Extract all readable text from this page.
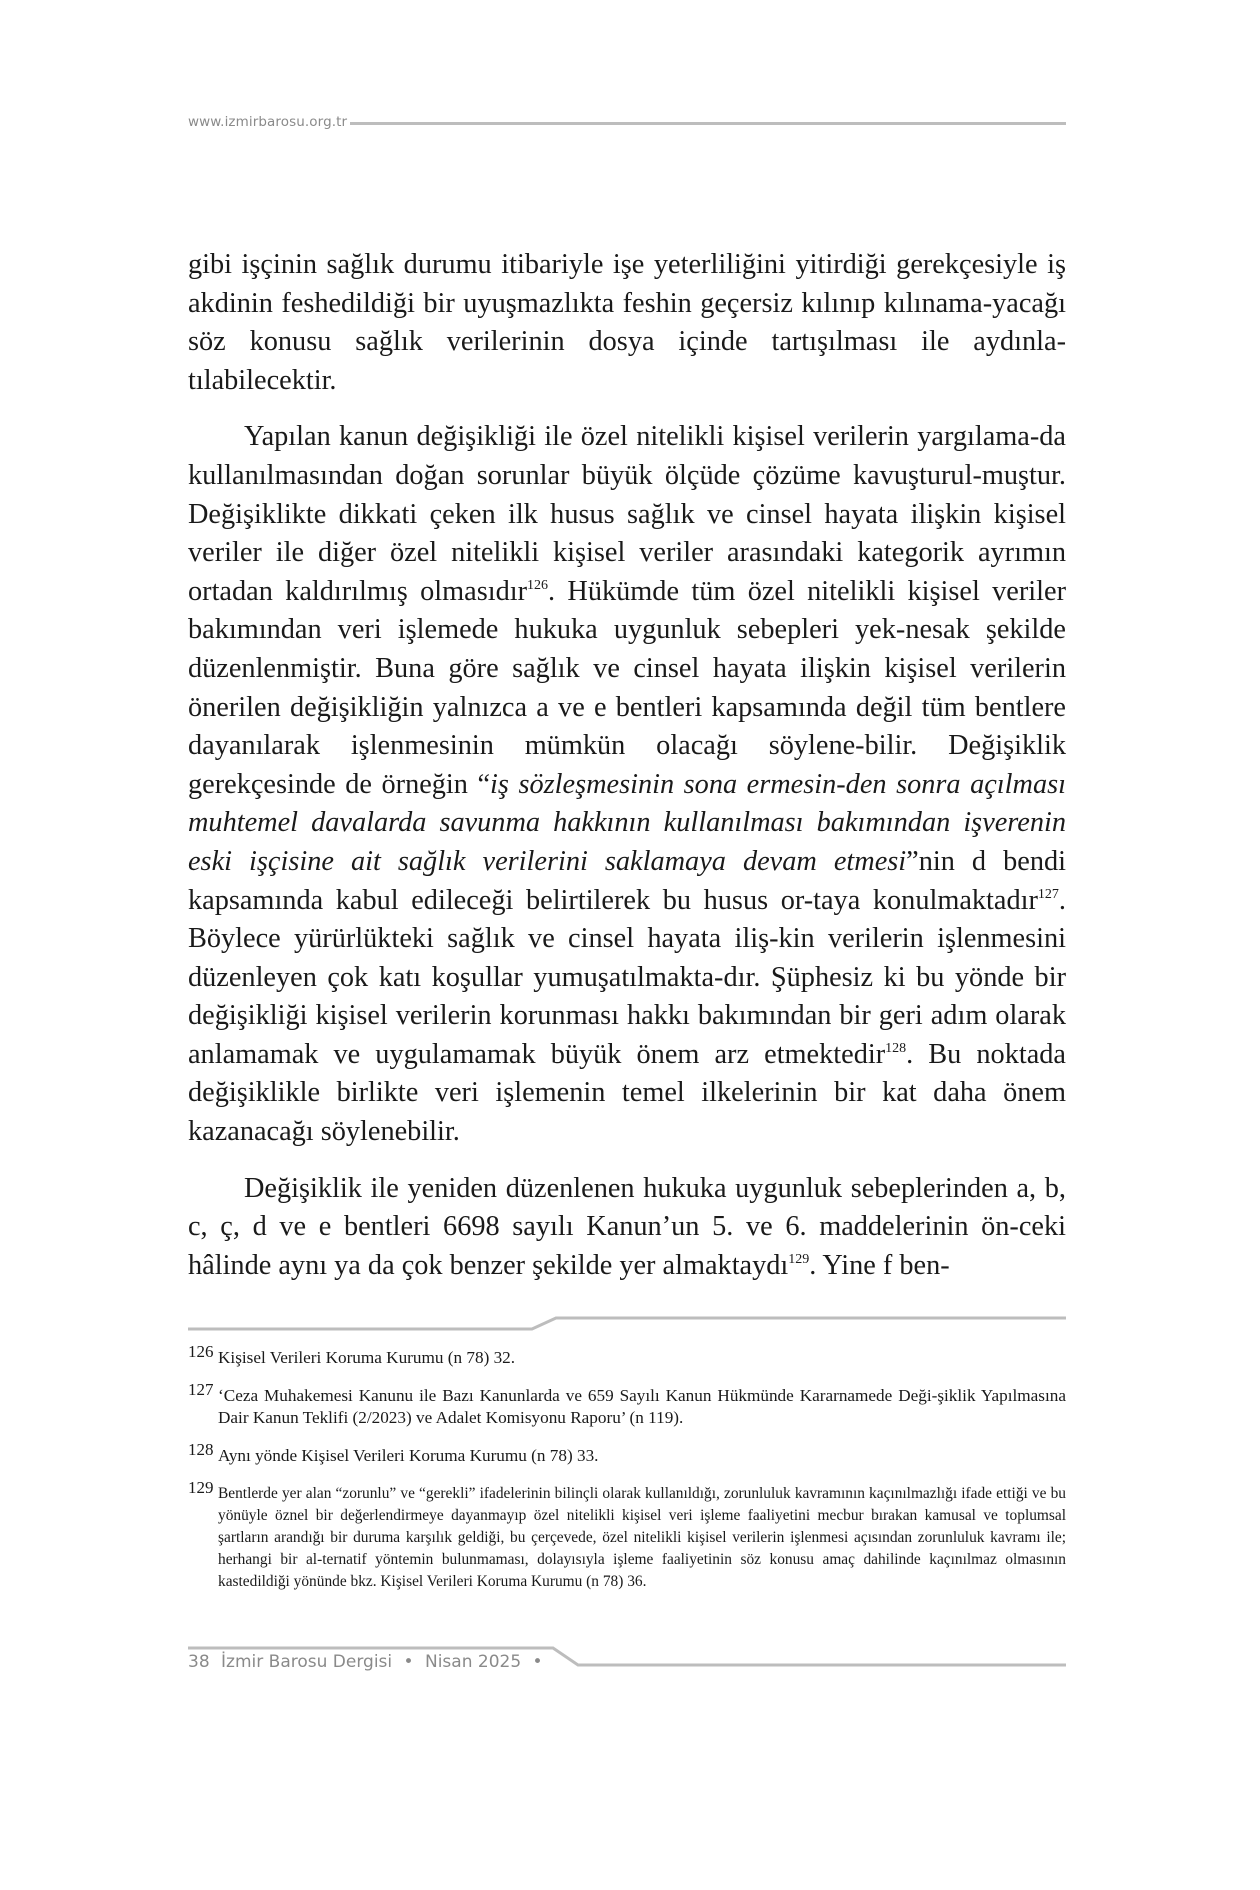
www.izmirbarosu.org.tr

gibi işçinin sağlık durumu itibariyle işe yeterliliğini yitirdiği gerekçesiyle iş akdinin feshedildiği bir uyuşmazlıkta feshin geçersiz kılınıp kılınama-yacağı söz konusu sağlık verilerinin dosya içinde tartışılması ile aydınla-tılabilecektir.

Yapılan kanun değişikliği ile özel nitelikli kişisel verilerin yargılama-da kullanılmasından doğan sorunlar büyük ölçüde çözüme kavuşturul-muştur. Değişiklikte dikkati çeken ilk husus sağlık ve cinsel hayata ilişkin kişisel veriler ile diğer özel nitelikli kişisel veriler arasındaki kategorik ayrımın ortadan kaldırılmış olmasıdır$^{126}$. Hükümde tüm özel nitelikli kişisel veriler bakımından veri işlemede hukuka uygunluk sebepleri yek-nesak şekilde düzenlenmiştir. Buna göre sağlık ve cinsel hayata ilişkin kişisel verilerin önerilen değişikliğin yalnızca a ve e bentleri kapsamında değil tüm bentlere dayanılarak işlenmesinin mümkün olacağı söylene-bilir. Değişiklik gerekçesinde de örneğin “iş sözleşmesinin sona ermesin-den sonra açılması muhtemel davalarda savunma hakkının kullanılması bakımından işverenin eski işçisine ait sağlık verilerini saklamaya devam etmesi”nin d bendi kapsamında kabul edileceği belirtilerek bu husus or-taya konulmaktadır$^{127}$. Böylece yürürlükteki sağlık ve cinsel hayata iliş-kin verilerin işlenmesini düzenleyen çok katı koşullar yumuşatılmakta-dır. Şüphesiz ki bu yönde bir değişikliği kişisel verilerin korunması hakkı bakımından bir geri adım olarak anlamamak ve uygulamamak büyük önem arz etmektedir$^{128}$. Bu noktada değişiklikle birlikte veri işlemenin temel ilkelerinin bir kat daha önem kazanacağı söylenebilir.

Değişiklik ile yeniden düzenlenen hukuka uygunluk sebeplerinden a, b, c, ç, d ve e bentleri 6698 sayılı Kanun’un 5. ve 6. maddelerinin ön-ceki hâlinde aynı ya da çok benzer şekilde yer almaktaydı$^{129}$. Yine f ben-

126 Kişisel Verileri Koruma Kurumu (n 78) 32.
127 ‘Ceza Muhakemesi Kanunu ile Bazı Kanunlarda ve 659 Sayılı Kanun Hükmünde Kararnamede Deği-şiklik Yapılmasına Dair Kanun Teklifi (2/2023) ve Adalet Komisyonu Raporu’ (n 119).
128 Aynı yönde Kişisel Verileri Koruma Kurumu (n 78) 33.
129 Bentlerde yer alan “zorunlu” ve “gerekli” ifadelerinin bilinçli olarak kullanıldığı, zorunluluk kavramının kaçınılmazlığı ifade ettiği ve bu yönüyle öznel bir değerlendirmeye dayanmayıp özel nitelikli kişisel veri işleme faaliyetini mecbur bırakan kamusal ve toplumsal şartların arandığı bir duruma karşılık geldiği, bu çerçevede, özel nitelikli kişisel verilerin işlenmesi açısından zorunluluk kavramı ile; herhangi bir al-ternatif yöntemin bulunmaması, dolayısıyla işleme faaliyetinin söz konusu amaç dahilinde kaçınılmaz olmasının kastedildiği yönünde bkz. Kişisel Verileri Koruma Kurumu (n 78) 36.
38 İzmir Barosu Dergisi • Nisan 2025 •
